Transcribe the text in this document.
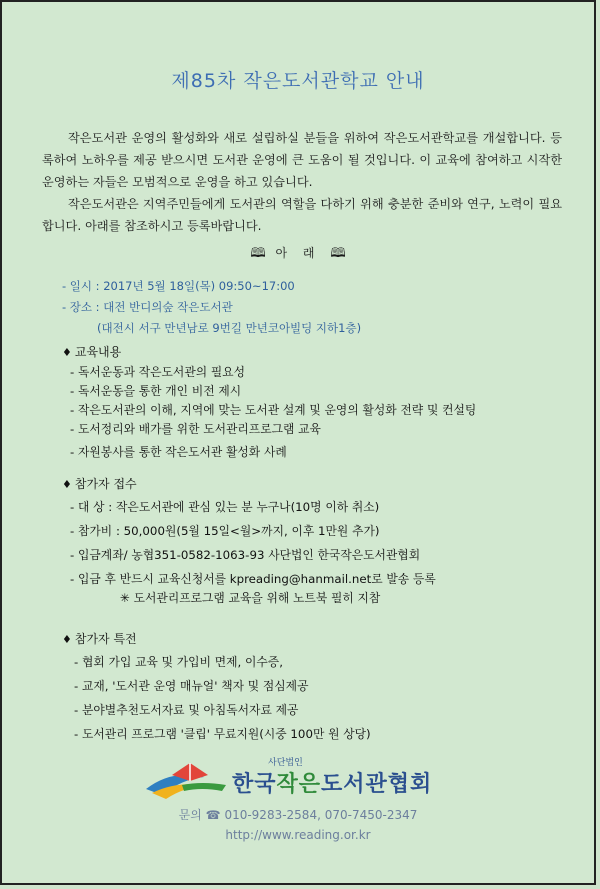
제85차 작은도서관학교 안내

작은도서관 운영의 활성화와 새로 설립하실 분들을 위하여 작은도서관학교를 개설합니다. 등록하여 노하우를 제공 받으시면 도서관 운영에 큰 도움이 될 것입니다. 이 교육에 참여하고 시작한 운영하는 자들은 모범적으로 운영을 하고 있습니다.

작은도서관은 지역주민들에게 도서관의 역할을 다하기 위해 충분한 준비와 연구, 노력이 필요합니다. 아래를 참조하시고 등록바랍니다.

🕮 아 래 🕮
- 일시 : 2017년 5월 18일(목) 09:50~17:00
- 장소 : 대전 반디의숲 작은도서관
(대전시 서구 만년남로 9번길 만년코아빌딩 지하1층)
♦ 교육내용
- 독서운동과 작은도서관의 필요성
- 독서운동을 통한 개인 비전 제시
- 작은도서관의 이해, 지역에 맞는 도서관 설계 및 운영의 활성화 전략 및 컨설팅
- 도서정리와 배가를 위한 도서관리프로그램 교육
- 자원봉사를 통한 작은도서관 활성화 사례
♦ 참가자 접수
- 대 상 : 작은도서관에 관심 있는 분 누구나(10명 이하 취소)
- 참가비 : 50,000원(5월 15일<월>까지, 이후 1만원 추가)
- 입금계좌/ 농협351-0582-1063-93 사단법인 한국작은도서관협회
- 입금 후 반드시 교육신청서를 kpreading@hanmail.net로 발송 등록
✳ 도서관리프로그램 교육을 위해 노트북 필히 지참
♦ 참가자 특전
- 협회 가입 교육 및 가입비 면제, 이수증,
- 교재, '도서관 운영 매뉴얼' 책자 및 점심제공
- 분야별추천도서자료 및 아침독서자료 제공
- 도서관리 프로그램 '클립' 무료지원(시중 100만 원 상당)
사단법인
한국작은도서관협회
문의 ☎ 010-9283-2584, 070-7450-2347
http://www.reading.or.kr
